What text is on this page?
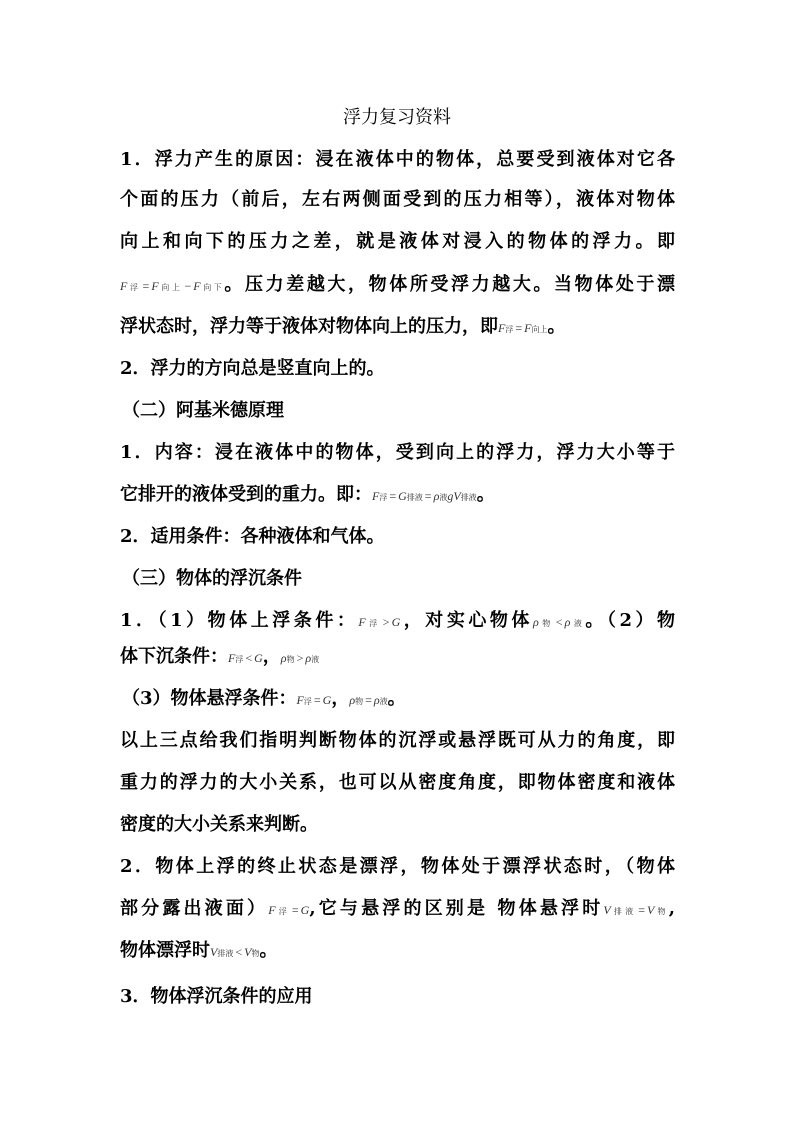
浮力复习资料
1．浮力产生的原因：浸在液体中的物体，总要受到液体对它各
个面的压力（前后，左右两侧面受到的压力相等），液体对物体
向上和向下的压力之差，就是液体对浸入的物体的浮力。即
F浮 = F向上 − F向下。压力差越大，物体所受浮力越大。当物体处于漂
浮状态时，浮力等于液体对物体向上的压力，即F浮 = F向上。
2．浮力的方向总是竖直向上的。
（二）阿基米德原理
1．内容：浸在液体中的物体，受到向上的浮力，浮力大小等于
它排开的液体受到的重力。即：F浮 = G排液 = ρ液gV排液。
2．适用条件：各种液体和气体。
（三）物体的浮沉条件
1．（1）物体上浮条件：F浮 > G，对实心物体ρ物 < ρ液。（2）物
体下沉条件：F浮 < G，ρ物 > ρ液
（3）物体悬浮条件：F浮 = G，ρ物 = ρ液。
以上三点给我们指明判断物体的沉浮或悬浮既可从力的角度，即
重力的浮力的大小关系，也可以从密度角度，即物体密度和液体
密度的大小关系来判断。
2．物体上浮的终止状态是漂浮，物体处于漂浮状态时，（物体
部分露出液面）F浮 = G,它与悬浮的区别是 物体悬浮时V排液 = V物,
物体漂浮时V排液 < V物。
3．物体浮沉条件的应用
